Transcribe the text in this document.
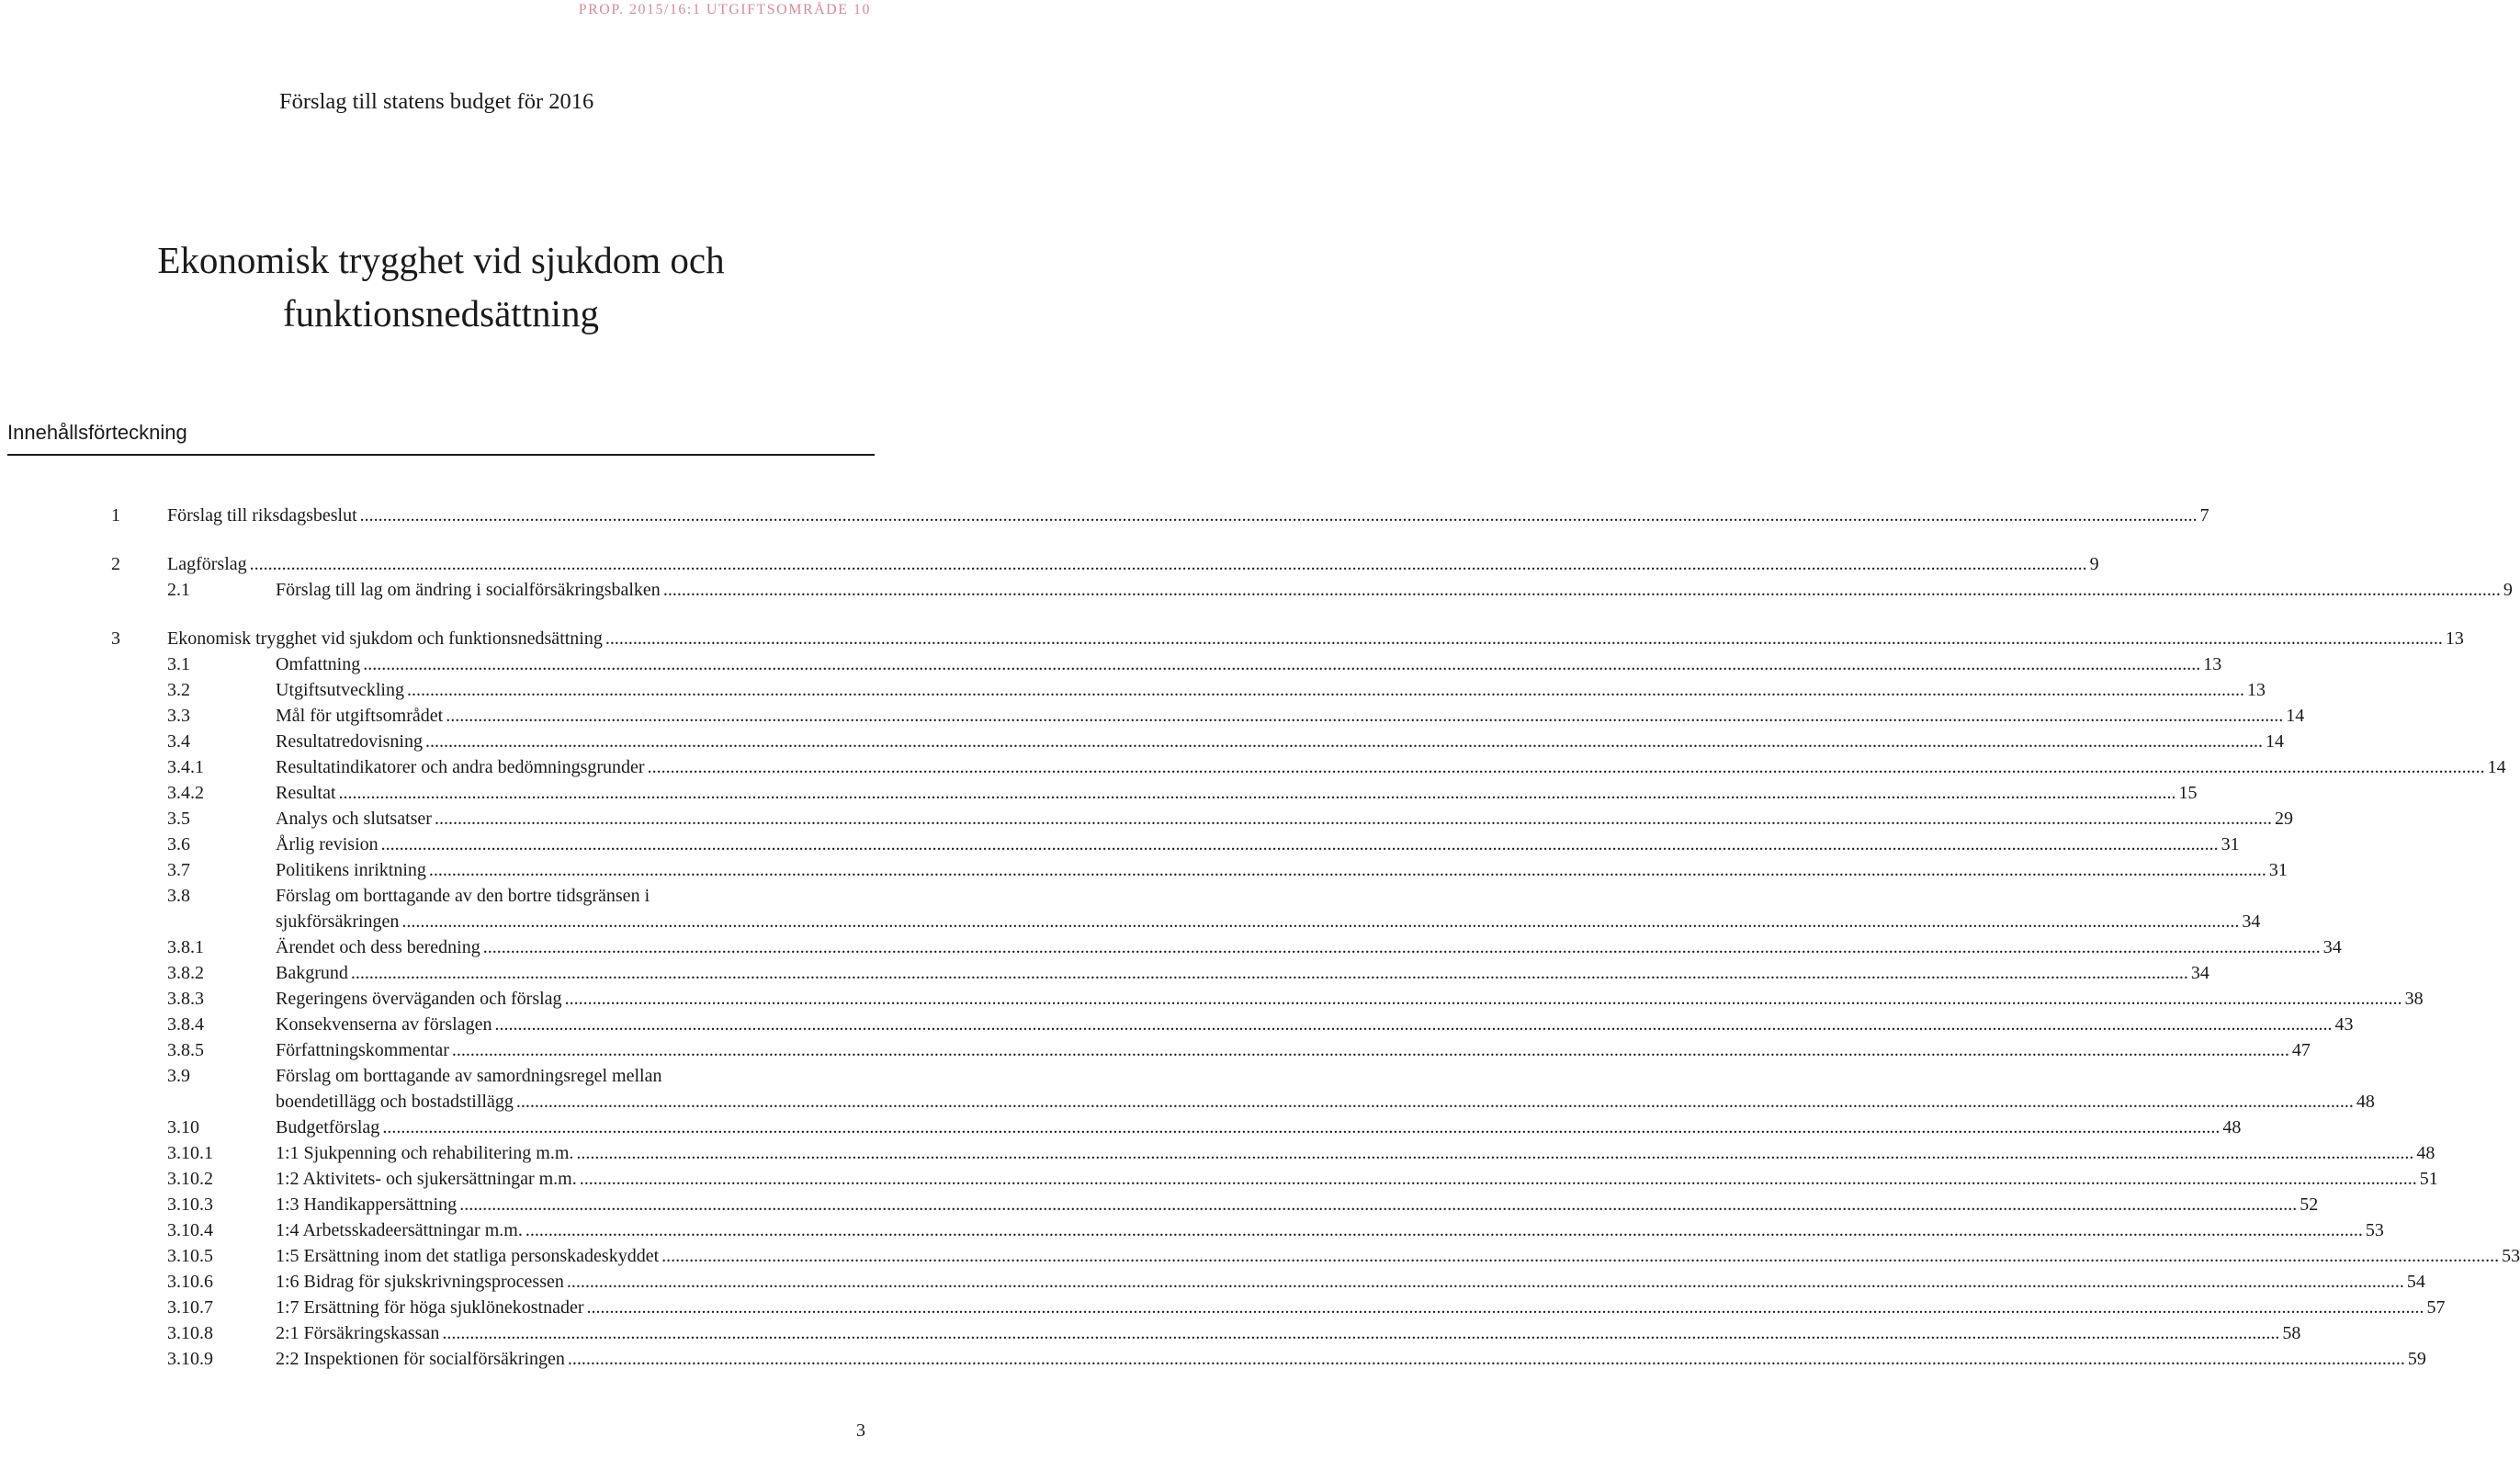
PROP. 2015/16:1 UTGIFTSOMRÅDE 10
Förslag till statens budget för 2016
Ekonomisk trygghet vid sjukdom och
funktionsnedsättning
Innehållsförteckning
1	Förslag till riksdagsbeslut ................................................................................................................................................................................................................................................................................................................................................................................................................ 7
2	Lagförslag ................................................................................................................................................................................................................................................................................................................................................................................................................ 9
2.1	Förslag till lag om ändring i socialförsäkringsbalken ................................................................................................................................................................................................................................................................................................................................................................................................................ 9
3	Ekonomisk trygghet vid sjukdom och funktionsnedsättning ................................................................................................................................................................................................................................................................................................................................................................................................................ 13
3.1	Omfattning ................................................................................................................................................................................................................................................................................................................................................................................................................ 13
3.2	Utgiftsutveckling ................................................................................................................................................................................................................................................................................................................................................................................................................ 13
3.3	Mål för utgiftsområdet ................................................................................................................................................................................................................................................................................................................................................................................................................ 14
3.4	Resultatredovisning ................................................................................................................................................................................................................................................................................................................................................................................................................ 14
3.4.1	Resultatindikatorer och andra bedömningsgrunder ................................................................................................................................................................................................................................................................................................................................................................................................................ 14
3.4.2	Resultat ................................................................................................................................................................................................................................................................................................................................................................................................................ 15
3.5	Analys och slutsatser ................................................................................................................................................................................................................................................................................................................................................................................................................ 29
3.6	Årlig revision ................................................................................................................................................................................................................................................................................................................................................................................................................ 31
3.7	Politikens inriktning ................................................................................................................................................................................................................................................................................................................................................................................................................ 31
3.8	Förslag om borttagande av den bortre tidsgränsen i
sjukförsäkringen ................................................................................................................................................................................................................................................................................................................................................................................................................ 34
3.8.1	Ärendet och dess beredning ................................................................................................................................................................................................................................................................................................................................................................................................................ 34
3.8.2	Bakgrund ................................................................................................................................................................................................................................................................................................................................................................................................................ 34
3.8.3	Regeringens överväganden och förslag ................................................................................................................................................................................................................................................................................................................................................................................................................ 38
3.8.4	Konsekvenserna av förslagen ................................................................................................................................................................................................................................................................................................................................................................................................................ 43
3.8.5	Författningskommentar ................................................................................................................................................................................................................................................................................................................................................................................................................ 47
3.9	Förslag om borttagande av samordningsregel mellan
boendetillägg och bostadstillägg ................................................................................................................................................................................................................................................................................................................................................................................................................ 48
3.10	Budgetförslag ................................................................................................................................................................................................................................................................................................................................................................................................................ 48
3.10.1	1:1 Sjukpenning och rehabilitering m.m. ................................................................................................................................................................................................................................................................................................................................................................................................................ 48
3.10.2	1:2 Aktivitets- och sjukersättningar m.m. ................................................................................................................................................................................................................................................................................................................................................................................................................ 51
3.10.3	1:3 Handikappersättning ................................................................................................................................................................................................................................................................................................................................................................................................................ 52
3.10.4	1:4 Arbetsskadeersättningar m.m. ................................................................................................................................................................................................................................................................................................................................................................................................................ 53
3.10.5	1:5 Ersättning inom det statliga personskadeskyddet ................................................................................................................................................................................................................................................................................................................................................................................................................ 53
3.10.6	1:6 Bidrag för sjukskrivningsprocessen ................................................................................................................................................................................................................................................................................................................................................................................................................ 54
3.10.7	1:7 Ersättning för höga sjuklönekostnader ................................................................................................................................................................................................................................................................................................................................................................................................................ 57
3.10.8	2:1 Försäkringskassan ................................................................................................................................................................................................................................................................................................................................................................................................................ 58
3.10.9	2:2 Inspektionen för socialförsäkringen ................................................................................................................................................................................................................................................................................................................................................................................................................ 59
3
